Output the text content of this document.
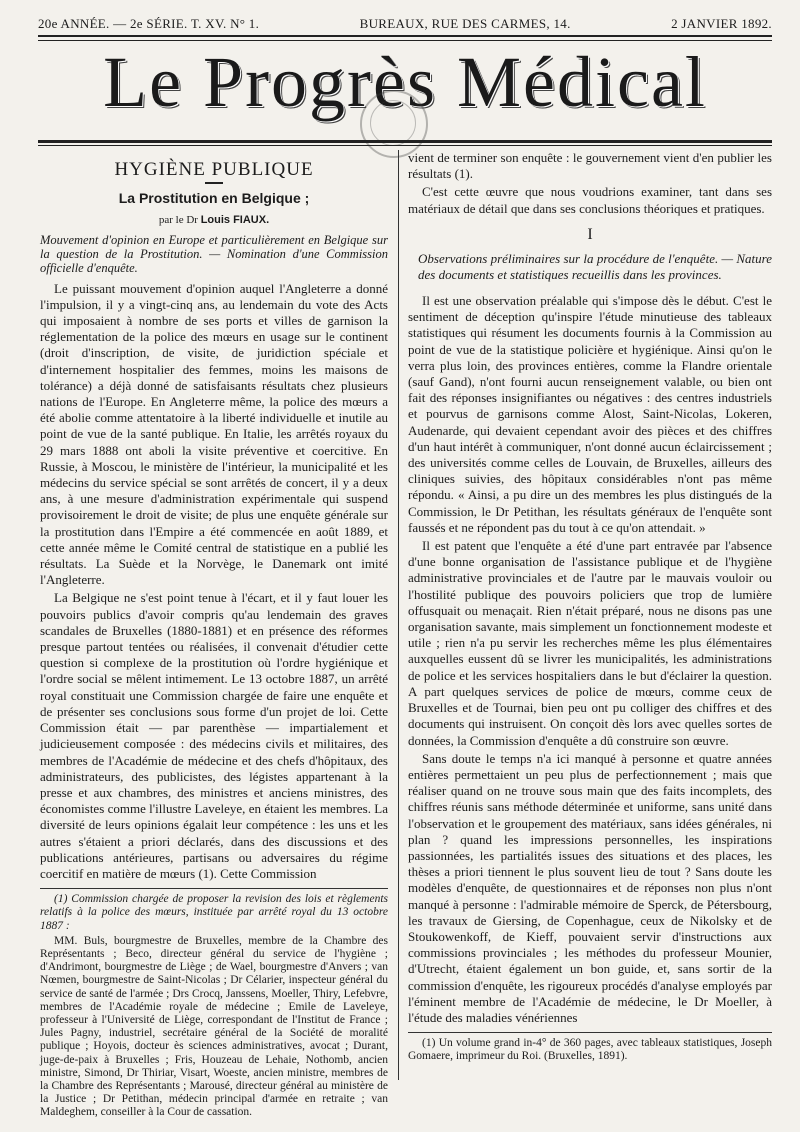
20e ANNÉE. — 2e SÉRIE. T. XV. N° 1.	BUREAUX, RUE DES CARMES, 14.	2 JANVIER 1892.
Le Progrès Médical
HYGIÈNE PUBLIQUE
La Prostitution en Belgique ;
par le Dr Louis FIAUX.
Mouvement d'opinion en Europe et particulièrement en Belgique sur la question de la Prostitution. — Nomination d'une Commission officielle d'enquête.

Le puissant mouvement d'opinion auquel l'Angleterre a donné l'impulsion, il y a vingt-cinq ans, au lendemain du vote des Acts qui imposaient à nombre de ses ports et villes de garnison la réglementation de la police des mœurs en usage sur le continent (droit d'inscription, de visite, de juridiction spéciale et d'internement hospitalier des femmes, moins les maisons de tolérance) a déjà donné de satisfaisants résultats chez plusieurs nations de l'Europe. En Angleterre même, la police des mœurs a été abolie comme attentatoire à la liberté individuelle et inutile au point de vue de la santé publique. En Italie, les arrêtés royaux du 29 mars 1888 ont aboli la visite préventive et coercitive. En Russie, à Moscou, le ministère de l'intérieur, la municipalité et les médecins du service spécial se sont arrêtés de concert, il y a deux ans, à une mesure d'administration expérimentale qui suspend provisoirement le droit de visite; de plus une enquête générale sur la prostitution dans l'Empire a été commencée en août 1889, et cette année même le Comité central de statistique en a publié les résultats. La Suède et la Norvège, le Danemark ont imité l'Angleterre.

La Belgique ne s'est point tenue à l'écart, et il y faut louer les pouvoirs publics d'avoir compris qu'au lendemain des graves scandales de Bruxelles (1880-1881) et en présence des réformes presque partout tentées ou réalisées, il convenait d'étudier cette question si complexe de la prostitution où l'ordre hygiénique et l'ordre social se mêlent intimement. Le 13 octobre 1887, un arrêté royal constituait une Commission chargée de faire une enquête et de présenter ses conclusions sous forme d'un projet de loi. Cette Commission était — par parenthèse — impartialement et judicieusement composée : des médecins civils et militaires, des membres de l'Académie de médecine et des chefs d'hôpitaux, des administrateurs, des publicistes, des légistes appartenant à la presse et aux chambres, des ministres et anciens ministres, des économistes comme l'illustre Laveleye, en étaient les membres. La diversité de leurs opinions égalait leur compétence : les uns et les autres s'étaient a priori déclarés, dans des discussions et des publications antérieures, partisans ou adversaires du régime coercitif en matière de mœurs (1). Cette Commission

(1) Commission chargée de proposer la revision des lois et règlements relatifs à la police des mœurs, instituée par arrêté royal du 13 octobre 1887 :
MM. Buls, bourgmestre de Bruxelles, membre de la Chambre des Représentants ; Beco, directeur général du service de l'hygiène ; d'Andrimont, bourgmestre de Liège ; de Wael, bourgmestre d'Anvers ; van Nœmen, bourgmestre de Saint-Nicolas ; Dr Célarier, inspecteur général du service de santé de l'armée ; Drs Crocq, Janssens, Moeller, Thiry, Lefebvre, membres de l'Académie royale de médecine ; Emile de Laveleye, professeur à l'Université de Liège, correspondant de l'Institut de France ; Jules Pagny, industriel, secrétaire général de la Société de moralité publique ; Hoyois, docteur ès sciences administratives, avocat ; Durant, juge-de-paix à Bruxelles ; Fris, Houzeau de Lehaie, Nothomb, ancien ministre, Simond, Dr Thiriar, Visart, Woeste, ancien ministre, membres de la Chambre des Représentants ; Marousé, directeur général au ministère de la Justice ; Dr Petithan, médecin principal d'armée en retraite ; van Maldeghem, conseiller à la Cour de cassation.

vient de terminer son enquête : le gouvernement vient d'en publier les résultats (1).

C'est cette œuvre que nous voudrions examiner, tant dans ses matériaux de détail que dans ses conclusions théoriques et pratiques.

I
Observations préliminaires sur la procédure de l'enquête. — Nature des documents et statistiques recueillis dans les provinces.

Il est une observation préalable qui s'impose dès le début. C'est le sentiment de déception qu'inspire l'étude minutieuse des tableaux statistiques qui résument les documents fournis à la Commission au point de vue de la statistique policière et hygiénique. Ainsi qu'on le verra plus loin, des provinces entières, comme la Flandre orientale (sauf Gand), n'ont fourni aucun renseignement valable, ou bien ont fait des réponses insignifiantes ou négatives : des centres industriels et pourvus de garnisons comme Alost, Saint-Nicolas, Lokeren, Audenarde, qui devaient cependant avoir des pièces et des chiffres d'un haut intérêt à communiquer, n'ont donné aucun éclaircissement ; des universités comme celles de Louvain, de Bruxelles, ailleurs des cliniques suivies, des hôpitaux considérables n'ont pas même répondu. « Ainsi, a pu dire un des membres les plus distingués de la Commission, le Dr Petithan, les résultats généraux de l'enquête sont faussés et ne répondent pas du tout à ce qu'on attendait. »

Il est patent que l'enquête a été d'une part entravée par l'absence d'une bonne organisation de l'assistance publique et de l'hygiène administrative provinciales et de l'autre par le mauvais vouloir ou l'hostilité publique des pouvoirs policiers que trop de lumière offusquait ou menaçait. Rien n'était préparé, nous ne disons pas une organisation savante, mais simplement un fonctionnement modeste et utile ; rien n'a pu servir les recherches même les plus élémentaires auxquelles eussent dû se livrer les municipalités, les administrations de police et les services hospitaliers dans le but d'éclairer la question. A part quelques services de police de mœurs, comme ceux de Bruxelles et de Tournai, bien peu ont pu colliger des chiffres et des documents qui instruisent. On conçoit dès lors avec quelles sortes de données, la Commission d'enquête a dû construire son œuvre.

Sans doute le temps n'a ici manqué à personne et quatre années entières permettaient un peu plus de perfectionnement ; mais que réaliser quand on ne trouve sous main que des faits incomplets, des chiffres réunis sans méthode déterminée et uniforme, sans unité dans l'observation et le groupement des matériaux, sans idées générales, ni plan ? quand les impressions personnelles, les inspirations passionnées, les partialités issues des situations et des places, les thèses a priori tiennent le plus souvent lieu de tout ? Sans doute les modèles d'enquête, de questionnaires et de réponses non plus n'ont manqué à personne : l'admirable mémoire de Sperck, de Pétersbourg, les travaux de Giersing, de Copenhague, ceux de Nikolsky et de Stoukowenkoff, de Kieff, pouvaient servir d'instructions aux commissions provinciales ; les méthodes du professeur Mounier, d'Utrecht, étaient également un bon guide, et, sans sortir de la commission d'enquête, les rigoureux procédés d'analyse employés par l'éminent membre de l'Académie de médecine, le Dr Moeller, à l'étude des maladies vénériennes

(1) Un volume grand in-4° de 360 pages, avec tableaux statistiques, Joseph Gomaere, imprimeur du Roi. (Bruxelles, 1891).
